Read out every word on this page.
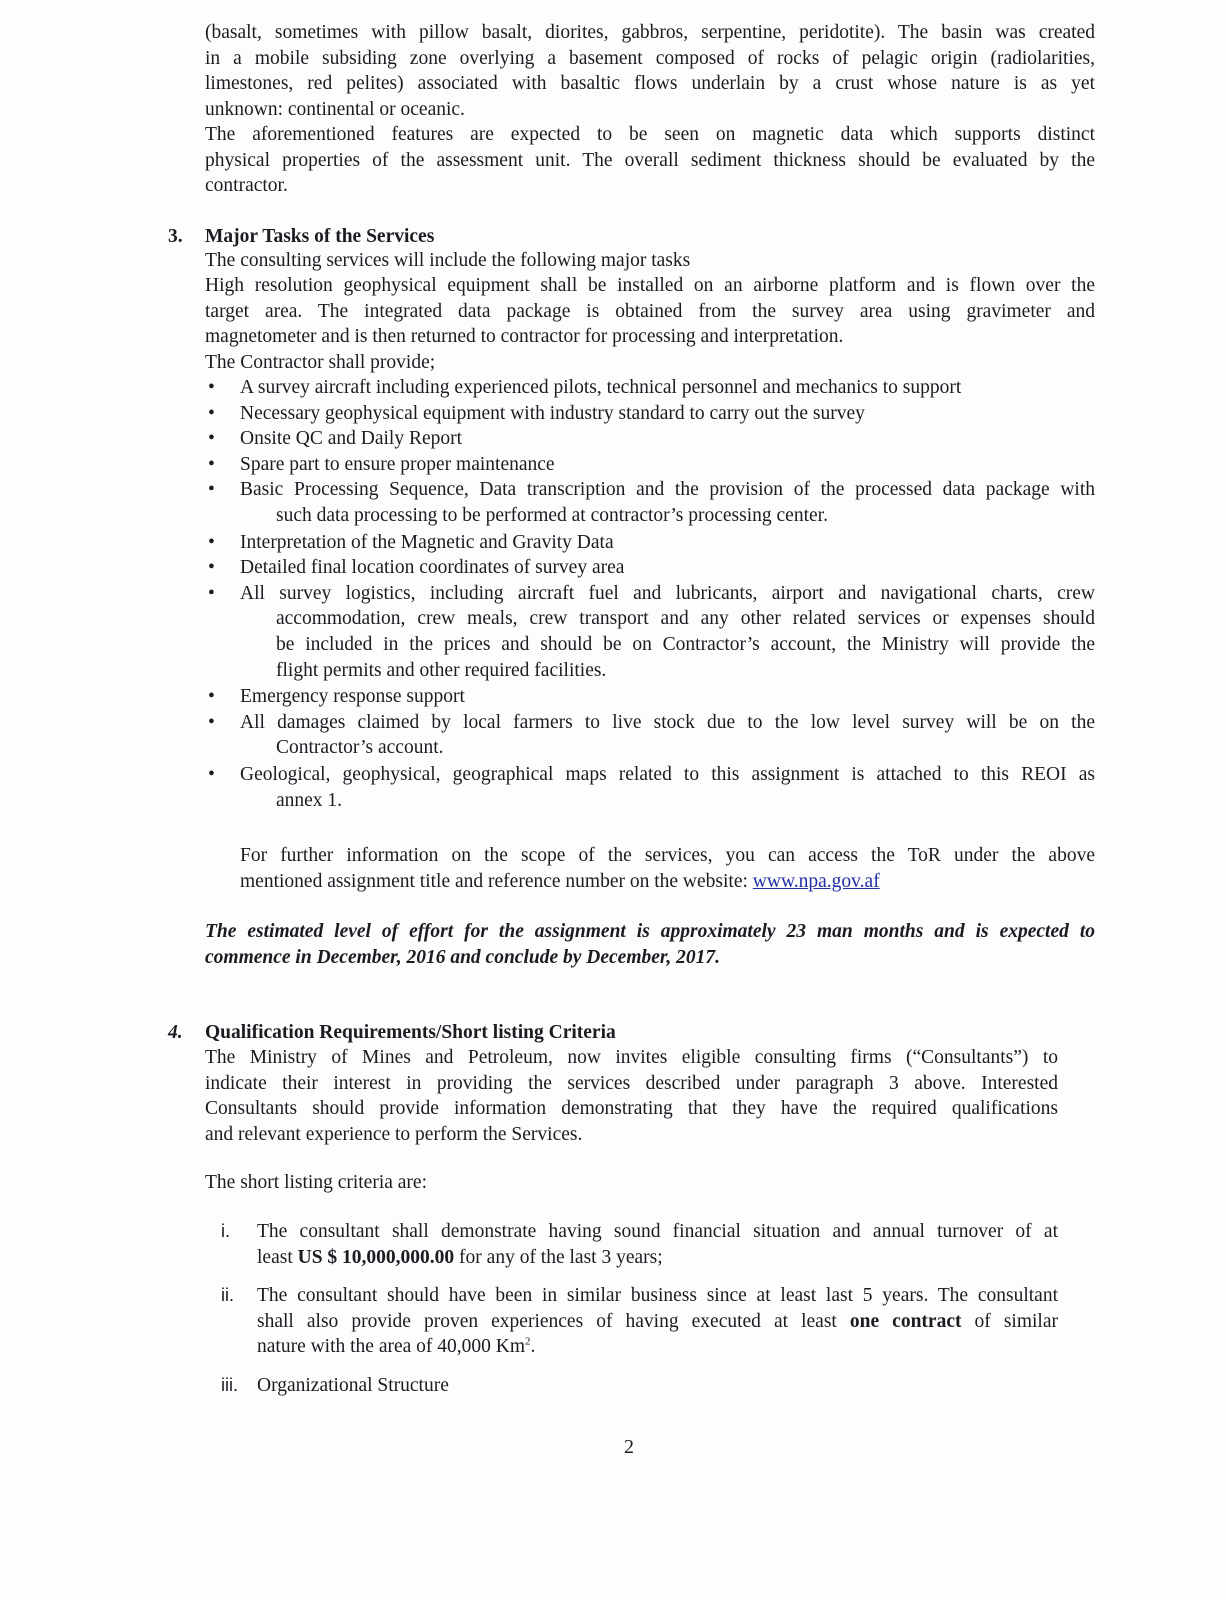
(basalt, sometimes with pillow basalt, diorites, gabbros, serpentine, peridotite). The basin was created
in a mobile subsiding zone overlying a basement composed of rocks of pelagic origin (radiolarities,
limestones, red pelites) associated with basaltic flows underlain by a crust whose nature is as yet
unknown: continental or oceanic.
The aforementioned features are expected to be seen on magnetic data which supports distinct
physical properties of the assessment unit. The overall sediment thickness should be evaluated by the
contractor.
3. Major Tasks of the Services
The consulting services will include the following major tasks
High resolution geophysical equipment shall be installed on an airborne platform and is flown over the
target area. The integrated data package is obtained from the survey area using gravimeter and
magnetometer and is then returned to contractor for processing and interpretation.
The Contractor shall provide;
• A survey aircraft including experienced pilots, technical personnel and mechanics to support
• Necessary geophysical equipment with industry standard to carry out the survey
• Onsite QC and Daily Report
• Spare part to ensure proper maintenance
• Basic Processing Sequence, Data transcription and the provision of the processed data package with
such data processing to be performed at contractor’s processing center.
• Interpretation of the Magnetic and Gravity Data
• Detailed final location coordinates of survey area
• All survey logistics, including aircraft fuel and lubricants, airport and navigational charts, crew
accommodation, crew meals, crew transport and any other related services or expenses should
be included in the prices and should be on Contractor’s account, the Ministry will provide the
flight permits and other required facilities.
• Emergency response support
• All damages claimed by local farmers to live stock due to the low level survey will be on the
Contractor’s account.
• Geological, geophysical, geographical maps related to this assignment is attached to this REOI as
annex 1.
For further information on the scope of the services, you can access the ToR under the above
mentioned assignment title and reference number on the website: www.npa.gov.af
The estimated level of effort for the assignment is approximately 23 man months and is expected to
commence in December, 2016 and conclude by December, 2017.
4. Qualification Requirements/Short listing Criteria
The Ministry of Mines and Petroleum, now invites eligible consulting firms (“Consultants”) to
indicate their interest in providing the services described under paragraph 3 above. Interested
Consultants should provide information demonstrating that they have the required qualifications
and relevant experience to perform the Services.
The short listing criteria are:
i. The consultant shall demonstrate having sound financial situation and annual turnover of at
least US $ 10,000,000.00 for any of the last 3 years;
ii. The consultant should have been in similar business since at least last 5 years. The consultant
shall also provide proven experiences of having executed at least one contract of similar
nature with the area of 40,000 Km$^2$.
iii. Organizational Structure
2
